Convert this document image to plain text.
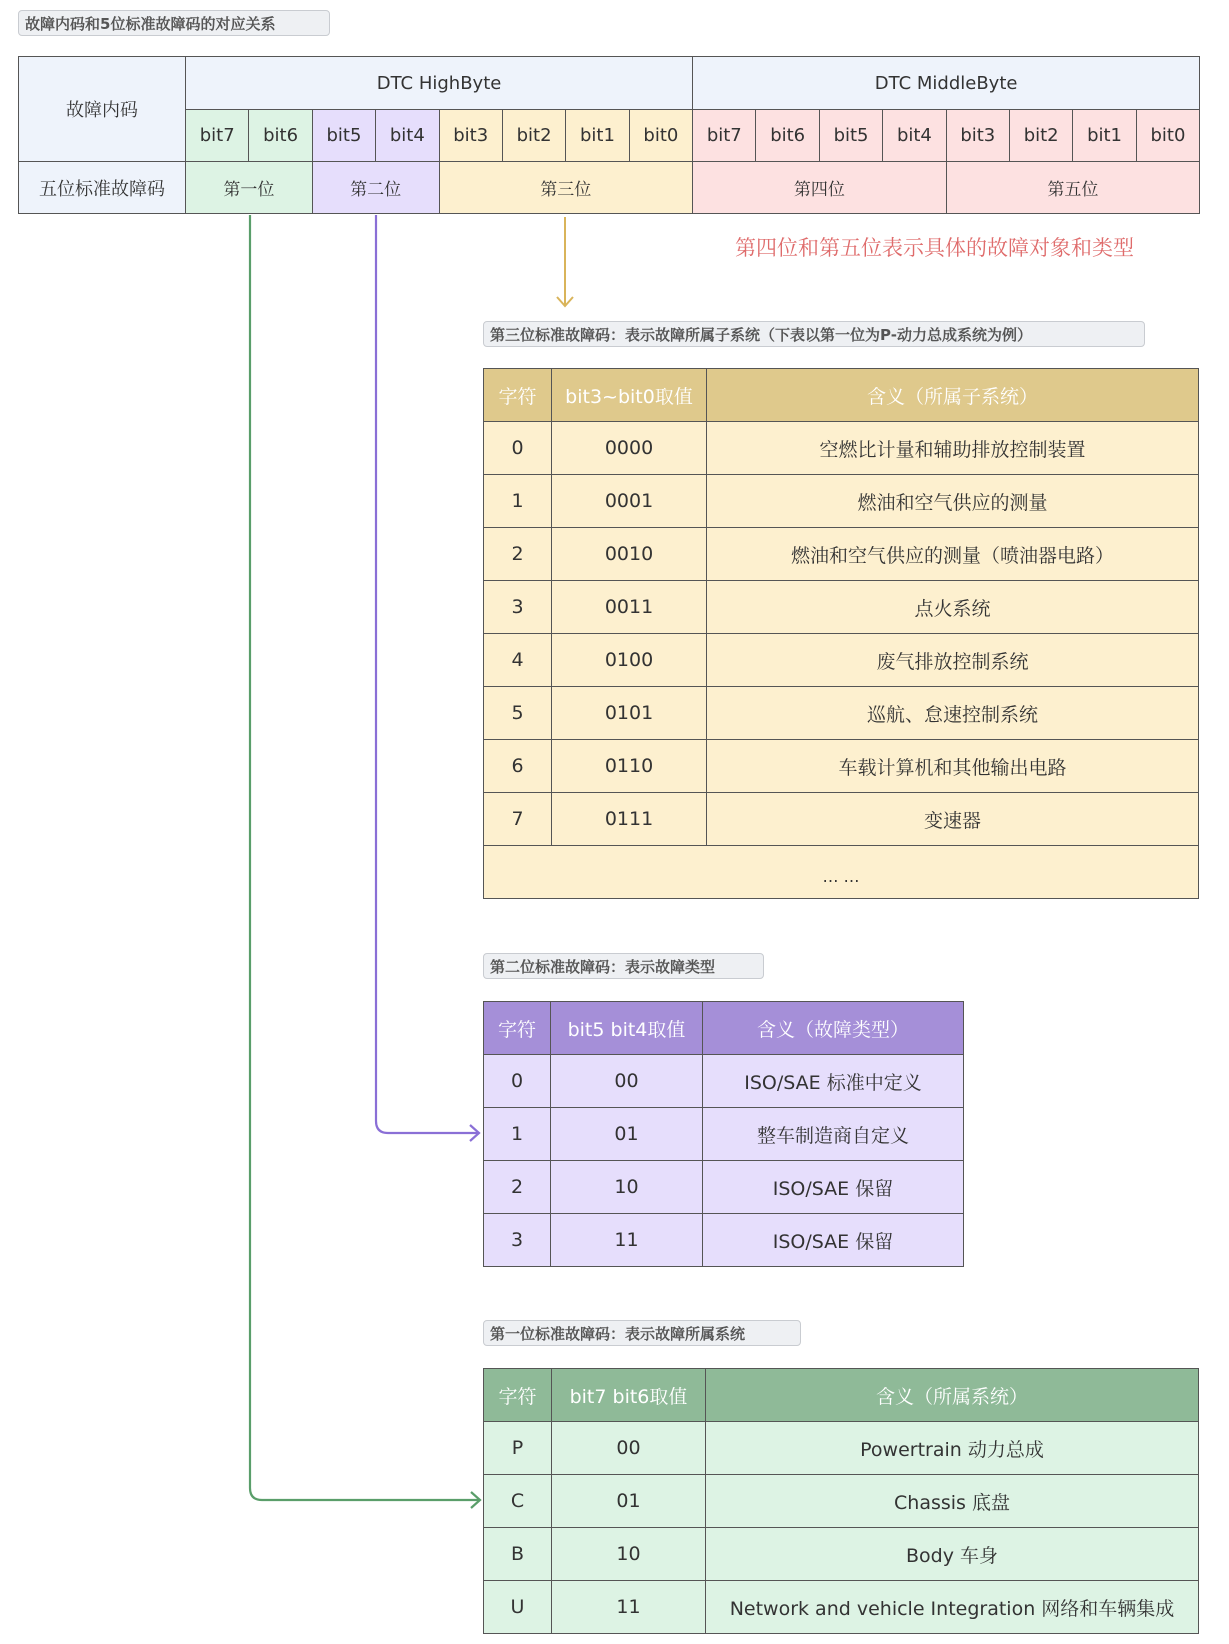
故障内码和5位标准故障码的对应关系
故障内码	DTC HighByte								DTC MiddleByte							
	bit7	bit6	bit5	bit4	bit3	bit2	bit1	bit0	bit7	bit6	bit5	bit4	bit3	bit2	bit1	bit0
五位标准故障码	第一位		第二位		第三位				第四位				第五位			
第四位和第五位表示具体的故障对象和类型
第三位标准故障码：表示故障所属子系统（下表以第一位为P-动力总成系统为例）
字符	bit3~bit0取值	含义（所属子系统）
0	0000	空燃比计量和辅助排放控制装置
1	0001	燃油和空气供应的测量
2	0010	燃油和空气供应的测量（喷油器电路）
3	0011	点火系统
4	0100	废气排放控制系统
5	0101	巡航、怠速控制系统
6	0110	车载计算机和其他输出电路
7	0111	变速器
… …		
第二位标准故障码：表示故障类型
字符	bit5 bit4取值	含义（故障类型）
0	00	ISO/SAE 标准中定义
1	01	整车制造商自定义
2	10	ISO/SAE 保留
3	11	ISO/SAE 保留
第一位标准故障码：表示故障所属系统
字符	bit7 bit6取值	含义（所属系统）
P	00	Powertrain 动力总成
C	01	Chassis 底盘
B	10	Body 车身
U	11	Network and vehicle Integration 网络和车辆集成
